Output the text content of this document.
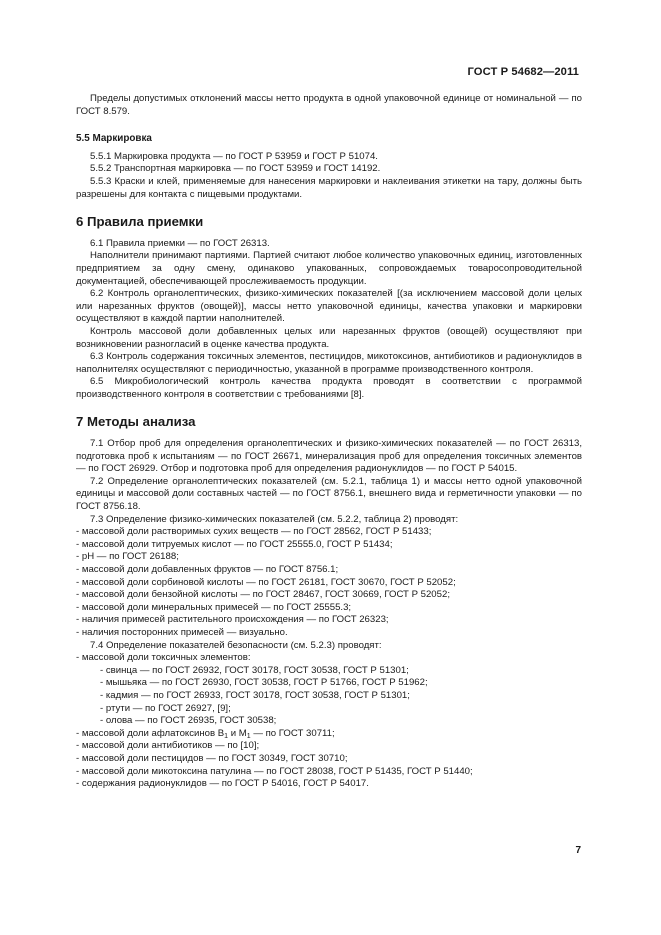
ГОСТ Р 54682—2011

Пределы допустимых отклонений массы нетто продукта в одной упаковочной единице от номинальной — по ГОСТ 8.579.

5.5 Маркировка

5.5.1 Маркировка продукта — по ГОСТ Р 53959 и ГОСТ Р 51074.

5.5.2 Транспортная маркировка — по ГОСТ 53959 и ГОСТ 14192.

5.5.3 Краски и клей, применяемые для нанесения маркировки и наклеивания этикетки на тару, должны быть разрешены для контакта с пищевыми продуктами.

6 Правила приемки

6.1 Правила приемки — по ГОСТ 26313.

Наполнители принимают партиями. Партией считают любое количество упаковочных единиц, изготовленных предприятием за одну смену, одинаково упакованных, сопровождаемых товаросопроводительной документацией, обеспечивающей прослеживаемость продукции.

6.2 Контроль органолептических, физико-химических показателей [(за исключением массовой доли целых или нарезанных фруктов (овощей)], массы нетто упаковочной единицы, качества упаковки и маркировки осуществляют в каждой партии наполнителей.

Контроль массовой доли добавленных целых или нарезанных фруктов (овощей) осуществляют при возникновении разногласий в оценке качества продукта.

6.3 Контроль содержания токсичных элементов, пестицидов, микотоксинов, антибиотиков и радионуклидов в наполнителях осуществляют с периодичностью, указанной в программе производственного контроля.

6.5 Микробиологический контроль качества продукта проводят в соответствии с программой производственного контроля в соответствии с требованиями [8].

7 Методы анализа

7.1 Отбор проб для определения органолептических и физико-химических показателей — по ГОСТ 26313, подготовка проб к испытаниям — по ГОСТ 26671, минерализация проб для определения токсичных элементов — по ГОСТ 26929. Отбор и подготовка проб для определения радионуклидов — по ГОСТ Р 54015.

7.2 Определение органолептических показателей (см. 5.2.1, таблица 1) и массы нетто одной упаковочной единицы и массовой доли составных частей — по ГОСТ 8756.1, внешнего вида и герметичности упаковки — по ГОСТ 8756.18.

7.3 Определение физико-химических показателей (см. 5.2.2, таблица 2) проводят:

- массовой доли растворимых сухих веществ — по ГОСТ 28562, ГОСТ Р 51433;
- массовой доли титруемых кислот — по ГОСТ 25555.0, ГОСТ Р 51434;
- pH — по ГОСТ 26188;
- массовой доли добавленных фруктов — по ГОСТ 8756.1;
- массовой доли сорбиновой кислоты — по ГОСТ 26181, ГОСТ 30670, ГОСТ Р 52052;
- массовой доли бензойной кислоты — по ГОСТ 28467, ГОСТ 30669, ГОСТ Р 52052;
- массовой доли минеральных примесей — по ГОСТ 25555.3;
- наличия примесей растительного происхождения — по ГОСТ 26323;
- наличия посторонних примесей — визуально.

7.4 Определение показателей безопасности (см. 5.2.3) проводят:

- массовой доли токсичных элементов:
- свинца — по ГОСТ 26932, ГОСТ 30178, ГОСТ 30538, ГОСТ Р 51301;
- мышьяка — по ГОСТ 26930, ГОСТ 30538, ГОСТ Р 51766, ГОСТ Р 51962;
- кадмия — по ГОСТ 26933, ГОСТ 30178, ГОСТ 30538, ГОСТ Р 51301;
- ртути — по ГОСТ 26927, [9];
- олова — по ГОСТ 26935, ГОСТ 30538;
- массовой доли афлатоксинов $В_1$ и $М_1$ — по ГОСТ 30711;
- массовой доли антибиотиков — по [10];
- массовой доли пестицидов — по ГОСТ 30349, ГОСТ 30710;
- массовой доли микотоксина патулина — по ГОСТ 28038, ГОСТ Р 51435, ГОСТ Р 51440;
- содержания радионуклидов — по ГОСТ Р 54016, ГОСТ Р 54017.
7
